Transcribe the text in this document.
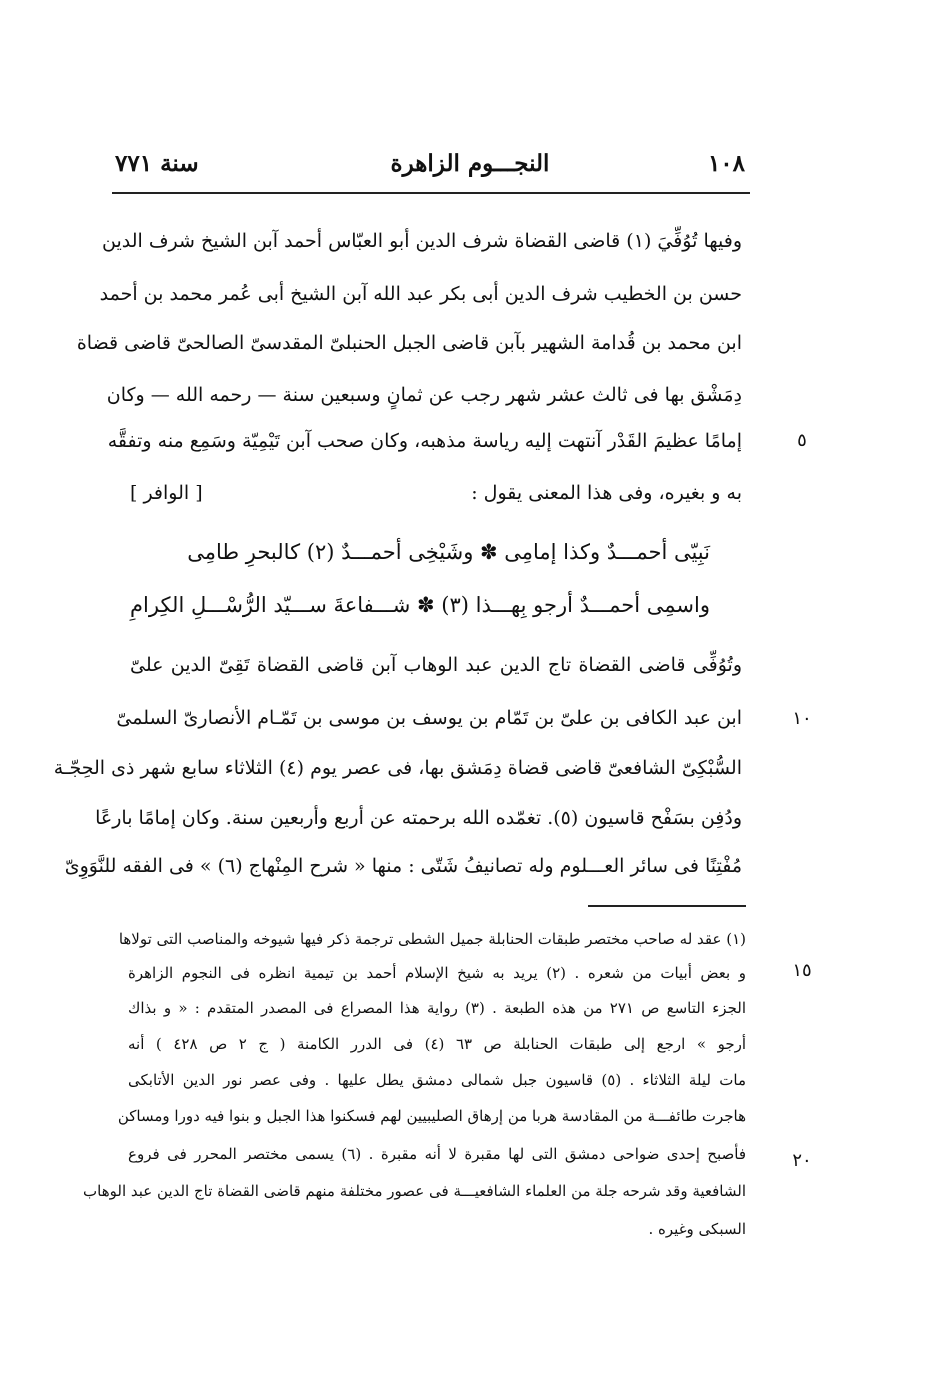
١٠٨
النجـــوم الزاهرة
سنة ٧٧١
وفيها تُوُفِّيَ (١) قاضى القضاة شرف الدين أبو العبّاس أحمد آبن الشيخ شرف الدين
حسن بن الخطيب شرف الدين أبى بكر عبد الله آبن الشيخ أبى عُمر محمد بن أحمد
ابن محمد بن قُدامة الشهير بآبن قاضى الجبل الحنبلىّ المقدسىّ الصالحىّ قاضى قضاة
دِمَشْق بها فى ثالث عشر شهر رجب عن ثمانٍ وسبعين سنة — رحمه الله — وكان
إمامًا عظيمَ القَدْر آنتهت إليه رياسة مذهبه، وكان صحب آبن تَيْمِيّة وسَمِع منه وتفقَّه
به و بغيره، وفى هذا المعنى يقول :
[ الوافر ]
نَبِيّى أحمـــدٌ وكذا إمامِى ✽ وشَيْخِى أحمـــدٌ (٢) كالبحرِ طامِى
واسمِى أحمـــدٌ أرجو بِهـــذا (٣) ✽ شـــفاعةَ ســـيّد الرُّسْـــلِ الكِرامِ
وتُوُفِّى قاضى القضاة تاج الدين عبد الوهاب آبن قاضى القضاة تَقِىّ الدين علىّ
ابن عبد الكافى بن علىّ بن تَمّام بن يوسف بن موسى بن تَمّـام الأنصارىّ السلمىّ
السُّبْكِىّ الشافعىّ قاضى قضاة دِمَشق بها، فى عصر يوم (٤) الثلاثاء سابع شهر ذى الحِجّـة
ودُفِن بسَفْح قاسيون (٥). تغمّده الله برحمته عن أربع وأربعين سنة. وكان إمامًا بارعًا
مُفْتِنًا فى سائر العـــلوم وله تصانيفُ شَتّى : منها « شرح المِنْهاج (٦) » فى الفقه للنَّوَوِىّ
٥
١٠
١٥
٢٠
(١) عقد له صاحب مختصر طبقات الحنابلة جميل الشطى ترجمة ذكر فيها شيوخه والمناصب التى تولاها
و بعض أبيات من شعره . (٢) يريد به شيخ الإسلام أحمد بن تيمية انظره فى النجوم الزاهرة
الجزء التاسع ص ٢٧١ من هذه الطبعة . (٣) رواية هذا المصراع فى المصدر المتقدم : « و بذاك
أرجو » ارجع إلى طبقات الحنابلة ص ٦٣ (٤) فى الدرر الكامنة ( ج ٢ ص ٤٢٨ ) أنه
مات ليلة الثلاثاء . (٥) قاسيون جبل شمالى دمشق يطل عليها . وفى عصر نور الدين الأتابكى
هاجرت طائفـــة من المقادسة هربا من إرهاق الصليبيين لهم فسكنوا هذا الجبل و بنوا فيه دورا ومساكن
فأصبح إحدى ضواحى دمشق التى لها مقبرة لا أنه مقبرة . (٦) يسمى مختصر المحرر فى فروع
الشافعية وقد شرحه جلة من العلماء الشافعيـــة فى عصور مختلفة منهم قاضى القضاة تاج الدين عبد الوهاب
السبكى وغيره .
